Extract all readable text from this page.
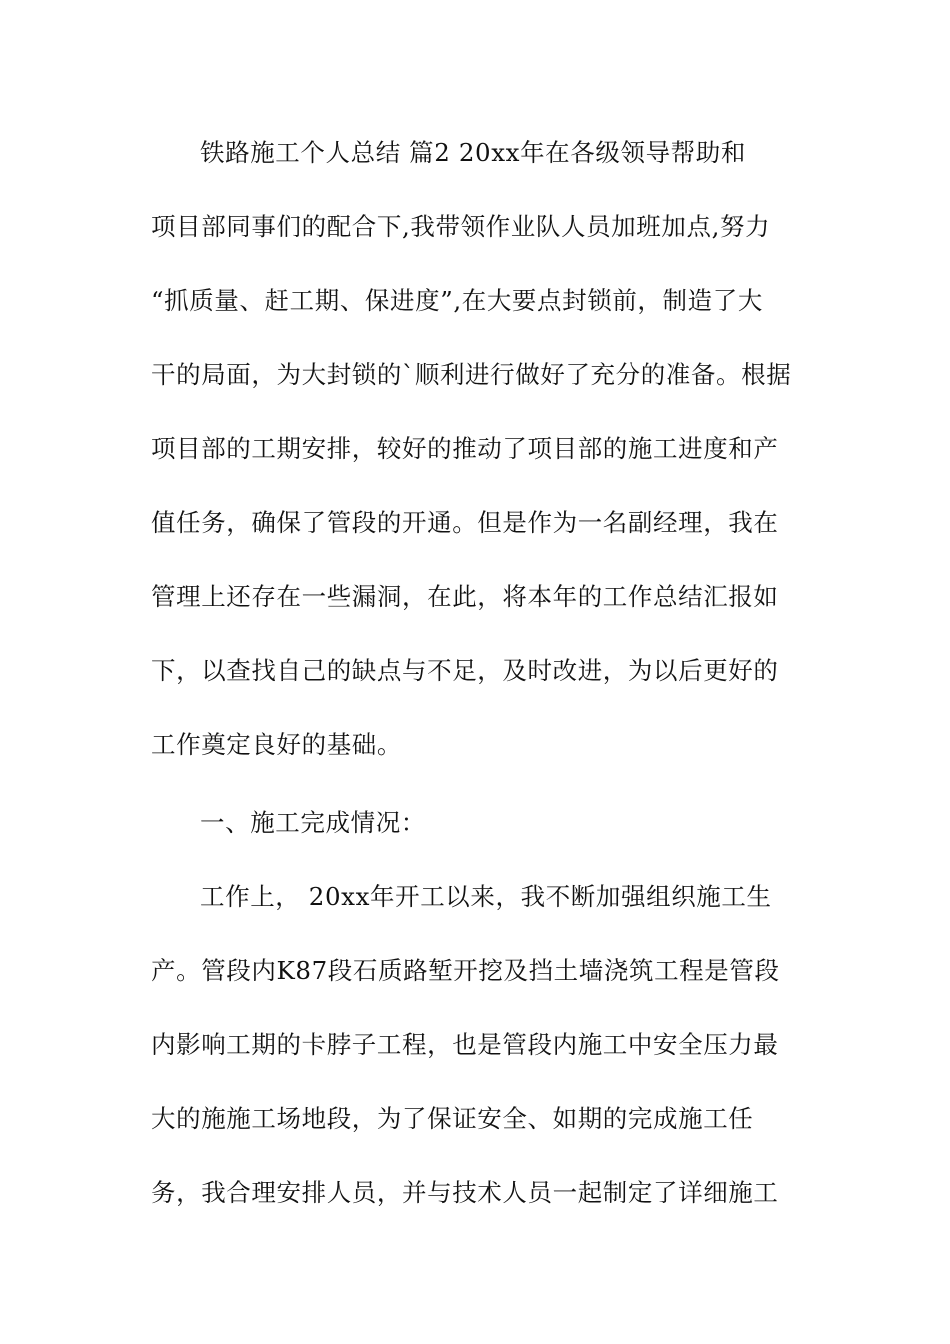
铁路施工个人总结 篇2 20xx年在各级领导帮助和
项目部同事们的配合下,我带领作业队人员加班加点,努力
“抓质量、赶工期、保进度”,在大要点封锁前，制造了大
干的局面，为大封锁的`顺利进行做好了充分的准备。根据
项目部的工期安排，较好的推动了项目部的施工进度和产
值任务，确保了管段的开通。但是作为一名副经理，我在
管理上还存在一些漏洞，在此，将本年的工作总结汇报如
下，以查找自己的缺点与不足，及时改进，为以后更好的
工作奠定良好的基础。
一、施工完成情况：
工作上， 20xx年开工以来，我不断加强组织施工生
产。管段内K87段石质路堑开挖及挡土墙浇筑工程是管段
内影响工期的卡脖子工程，也是管段内施工中安全压力最
大的施施工场地段，为了保证安全、如期的完成施工任
务，我合理安排人员，并与技术人员一起制定了详细施工
